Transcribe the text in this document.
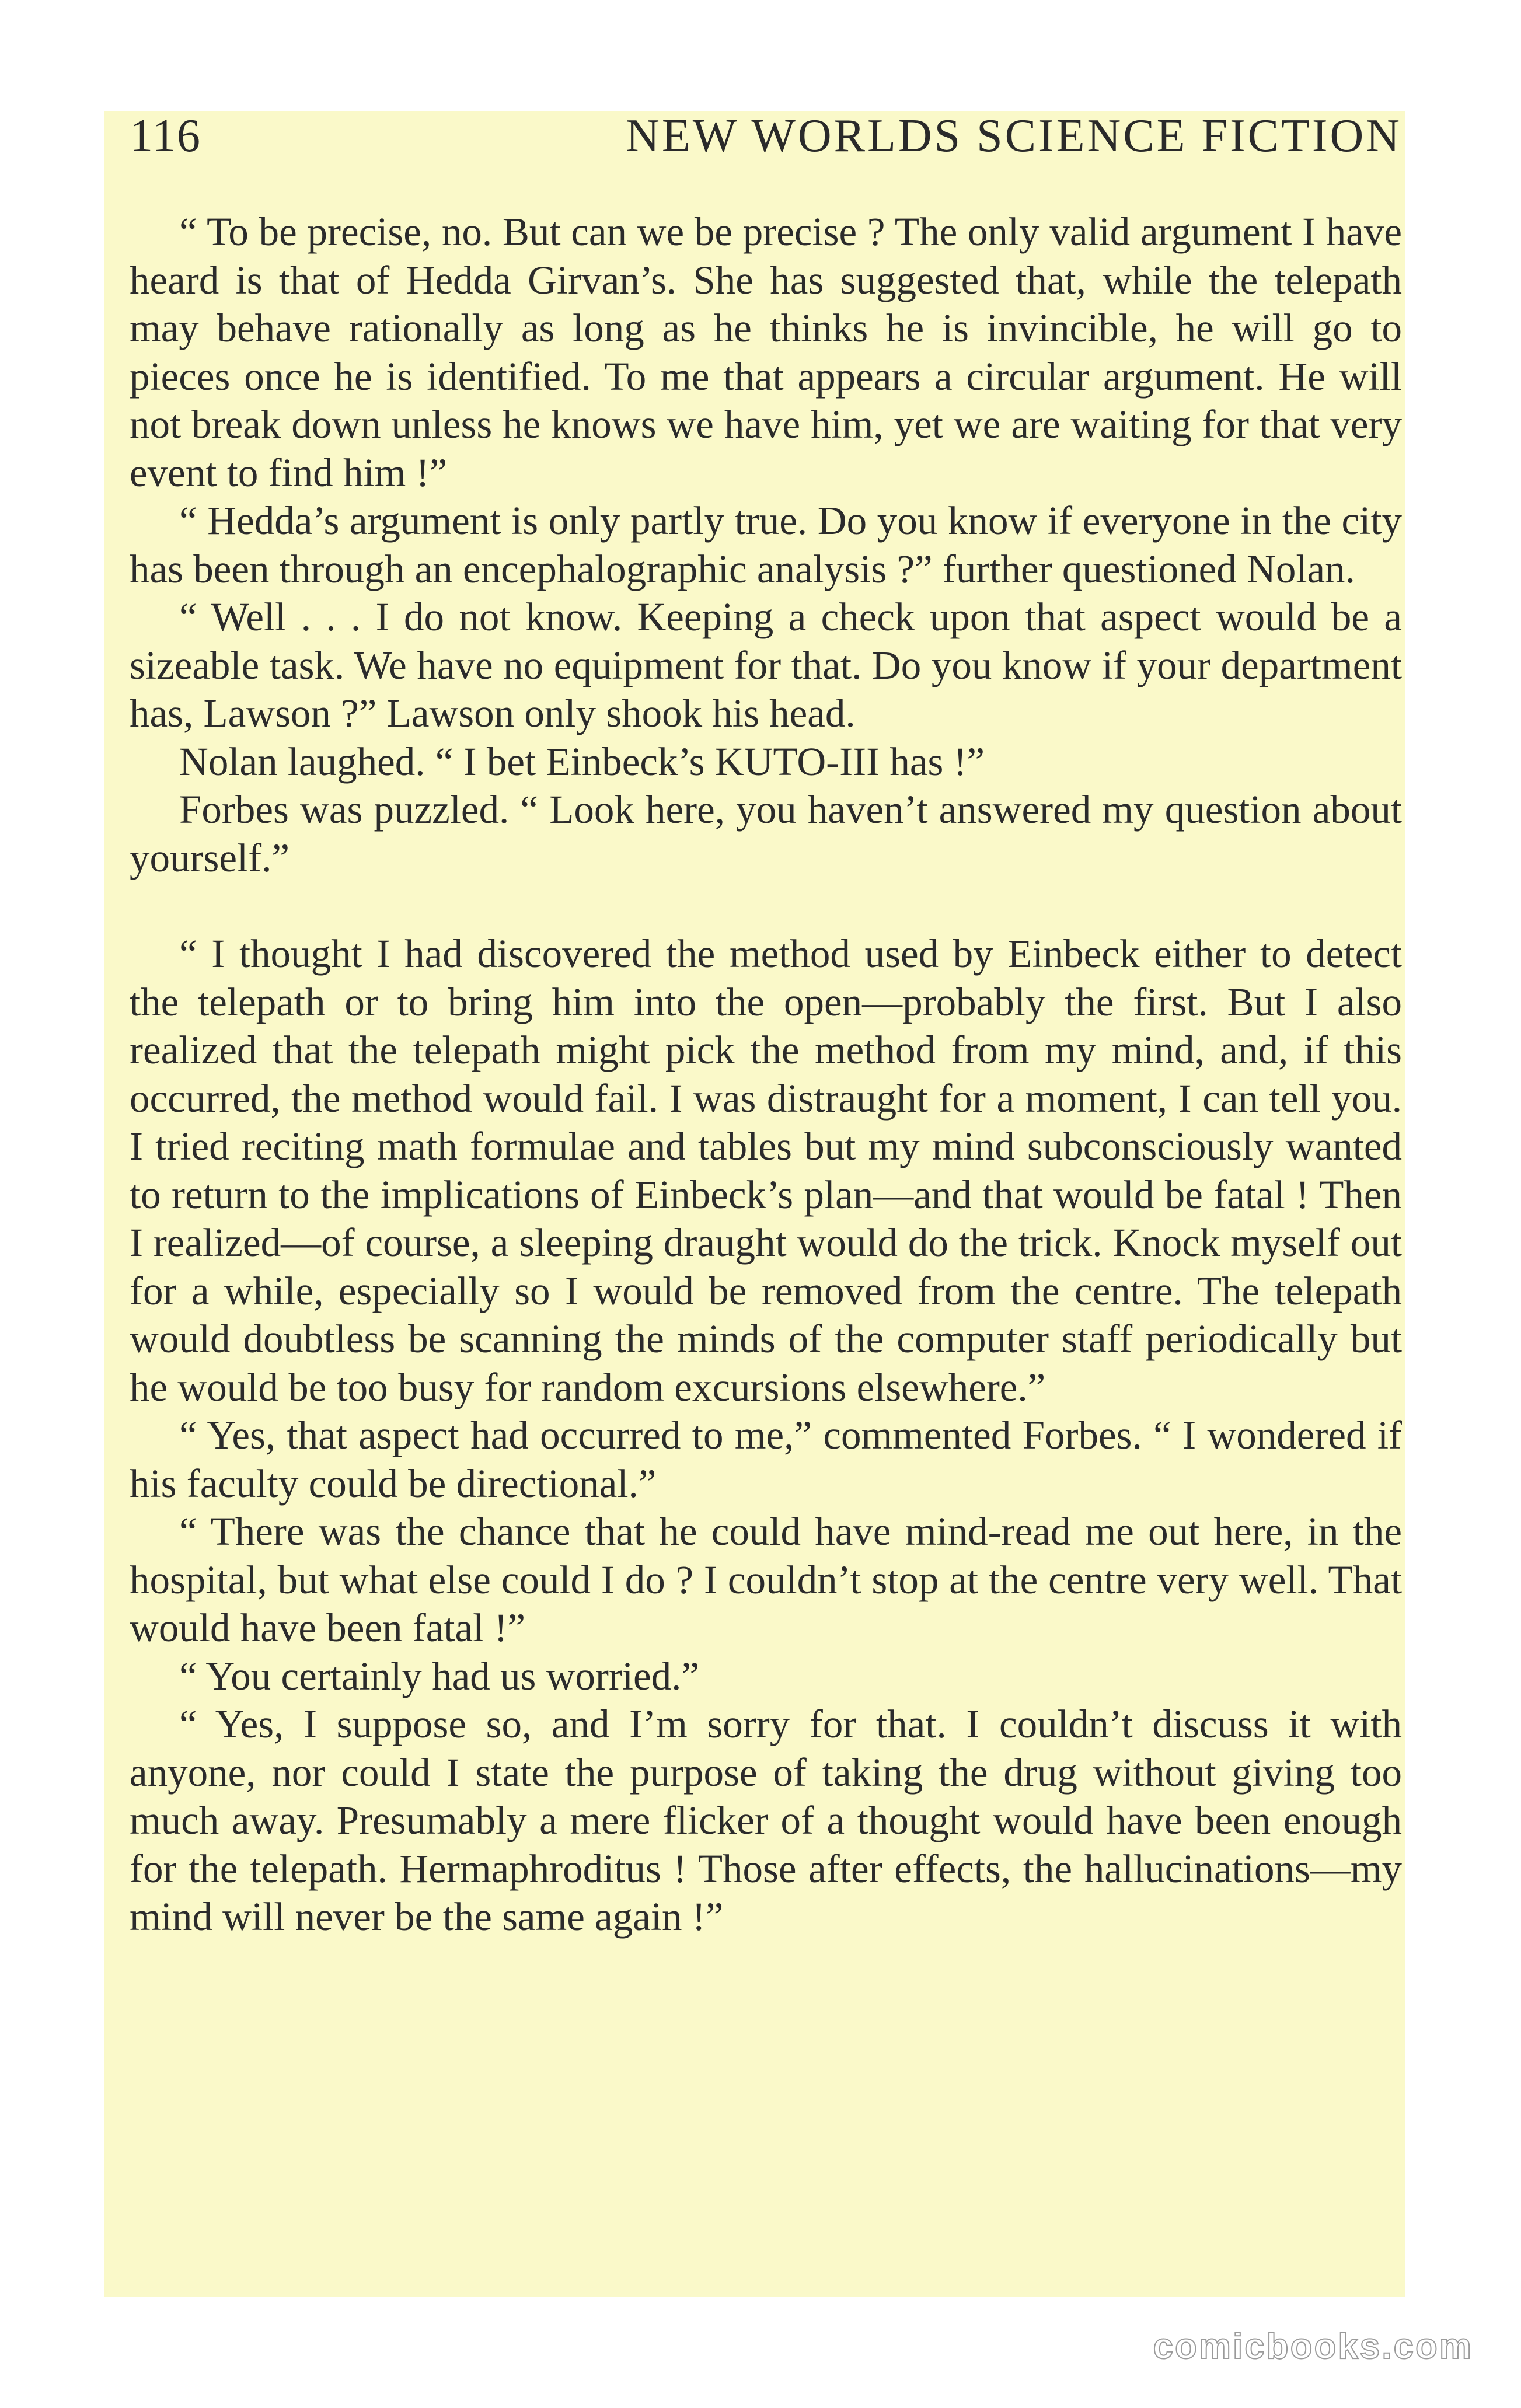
116	NEW WORLDS SCIENCE FICTION

“ To be precise, no. But can we be precise ? The only valid argument I have heard is that of Hedda Girvan’s. She has suggested that, while the telepath may behave rationally as long as he thinks he is invincible, he will go to pieces once he is identified. To me that appears a circular argument. He will not break down unless he knows we have him, yet we are waiting for that very event to find him !”

“ Hedda’s argument is only partly true. Do you know if everyone in the city has been through an encephalographic analysis ?” further questioned Nolan.

“ Well . . . I do not know. Keeping a check upon that aspect would be a sizeable task. We have no equipment for that. Do you know if your department has, Lawson ?” Lawson only shook his head.

Nolan laughed. “ I bet Einbeck’s KUTO-III has !”

Forbes was puzzled. “ Look here, you haven’t answered my question about yourself.”

“ I thought I had discovered the method used by Einbeck either to detect the telepath or to bring him into the open—probably the first. But I also realized that the telepath might pick the method from my mind, and, if this occurred, the method would fail. I was distraught for a moment, I can tell you. I tried reciting math formulae and tables but my mind subconsciously wanted to return to the implications of Einbeck’s plan—and that would be fatal ! Then I realized—of course, a sleeping draught would do the trick. Knock myself out for a while, especially so I would be removed from the centre. The telepath would doubtless be scanning the minds of the computer staff periodically but he would be too busy for random excursions elsewhere.”

“ Yes, that aspect had occurred to me,” commented Forbes. “ I wondered if his faculty could be directional.”

“ There was the chance that he could have mind-read me out here, in the hospital, but what else could I do ? I couldn’t stop at the centre very well. That would have been fatal !”

“ You certainly had us worried.”

“ Yes, I suppose so, and I’m sorry for that. I couldn’t discuss it with anyone, nor could I state the purpose of taking the drug without giving too much away. Presumably a mere flicker of a thought would have been enough for the telepath. Hermaphroditus ! Those after effects, the hallucinations—my mind will never be the same again !”

comicbooks.com
